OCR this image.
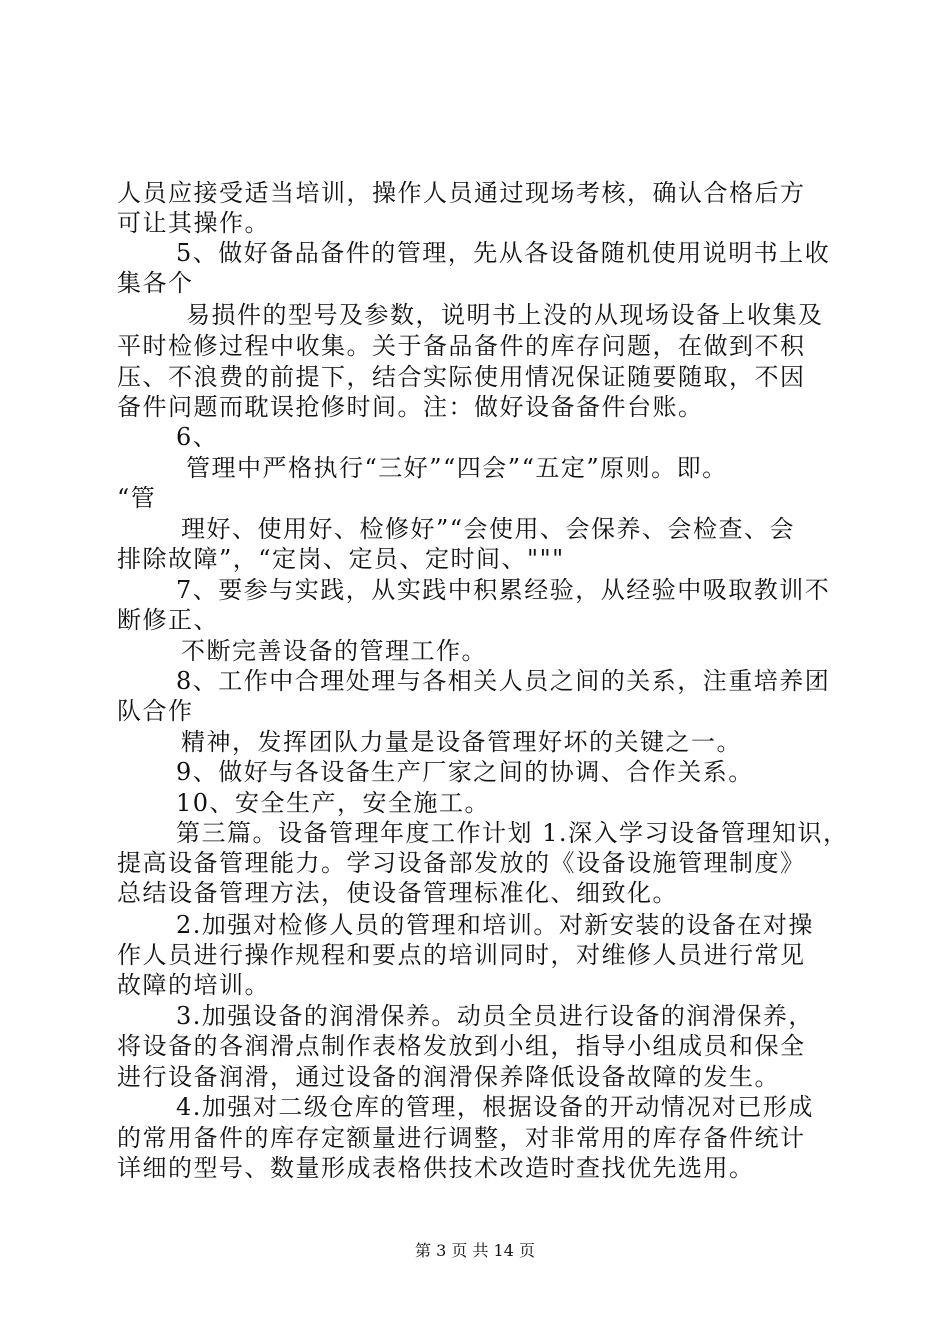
人员应接受适当培训，操作人员通过现场考核，确认合格后方
可让其操作。
5、做好备品备件的管理，先从各设备随机使用说明书上收
集各个
易损件的型号及参数，说明书上没的从现场设备上收集及
平时检修过程中收集。关于备品备件的库存问题，在做到不积
压、不浪费的前提下，结合实际使用情况保证随要随取，不因
备件问题而耽误抢修时间。注：做好设备备件台账。
6、
管理中严格执行“三好”“四会”“五定”原则。即。
“管
理好、使用好、检修好”“会使用、会保养、会检查、会
排除故障”，“定岗、定员、定时间、"""
7、要参与实践，从实践中积累经验，从经验中吸取教训不
断修正、
不断完善设备的管理工作。
8、工作中合理处理与各相关人员之间的关系，注重培养团
队合作
精神，发挥团队力量是设备管理好坏的关键之一。
9、做好与各设备生产厂家之间的协调、合作关系。
10、安全生产，安全施工。
第三篇。设备管理年度工作计划 1.深入学习设备管理知识，
提高设备管理能力。学习设备部发放的《设备设施管理制度》
总结设备管理方法，使设备管理标准化、细致化。
2.加强对检修人员的管理和培训。对新安装的设备在对操
作人员进行操作规程和要点的培训同时，对维修人员进行常见
故障的培训。
3.加强设备的润滑保养。动员全员进行设备的润滑保养，
将设备的各润滑点制作表格发放到小组，指导小组成员和保全
进行设备润滑，通过设备的润滑保养降低设备故障的发生。
4.加强对二级仓库的管理，根据设备的开动情况对已形成
的常用备件的库存定额量进行调整，对非常用的库存备件统计
详细的型号、数量形成表格供技术改造时查找优先选用。
第 3 页 共 14 页
